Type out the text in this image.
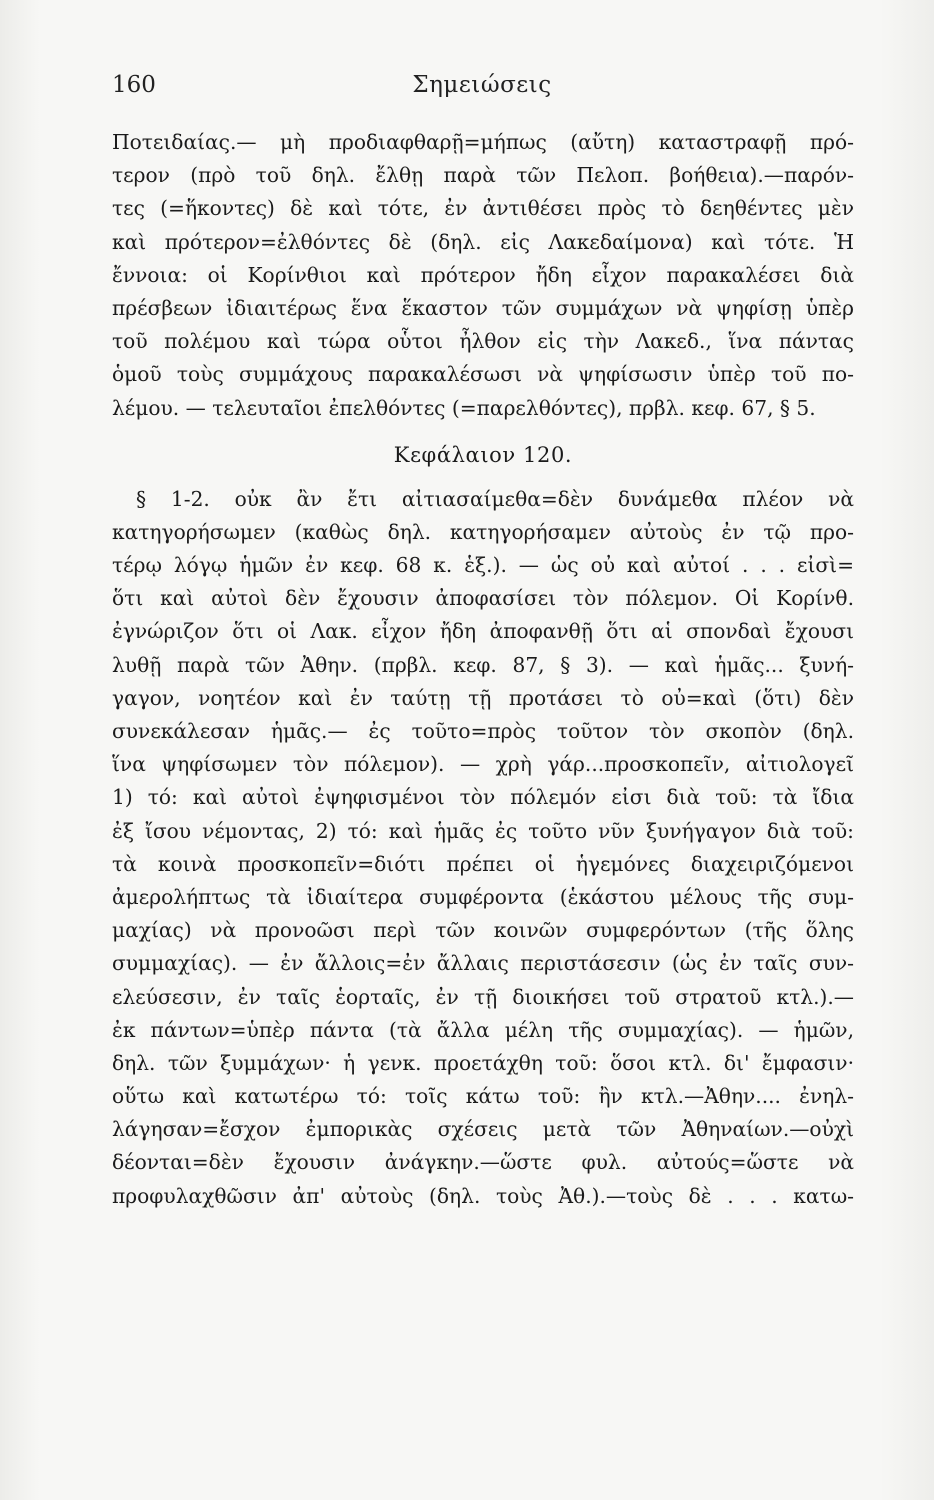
160	Σημειώσεις
Ποτειδαίας.— μὴ προδιαφθαρῇ=μήπως (αὔτη) καταστραφῇ πρό-
τερον (πρὸ τοῦ δηλ. ἔλθῃ παρὰ τῶν Πελοπ. βοήθεια).—παρόν-
τες (=ἥκοντες) δὲ καὶ τότε, ἐν ἀντιθέσει πρὸς τὸ δεηθέντες μὲν
καὶ πρότερον=ἐλθόντες δὲ (δηλ. εἰς Λακεδαίμονα) καὶ τότε. Ἡ
ἔννοια: οἱ Κορίνθιοι καὶ πρότερον ἤδη εἶχον παρακαλέσει διὰ
πρέσβεων ἰδιαιτέρως ἕνα ἕκαστον τῶν συμμάχων νὰ ψηφίσῃ ὑπὲρ
τοῦ πολέμου καὶ τώρα οὗτοι ἦλθον εἰς τὴν Λακεδ., ἵνα πάντας
ὁμοῦ τοὺς συμμάχους παρακαλέσωσι νὰ ψηφίσωσιν ὑπὲρ τοῦ πο-
λέμου. — τελευταῖοι ἐπελθόντες (=παρελθόντες), πρβλ. κεφ. 67, § 5.
Κεφάλαιον 120.
§ 1-2. οὐκ ἂν ἔτι αἰτιασαίμεθα=δὲν δυνάμεθα πλέον νὰ
κατηγορήσωμεν (καθὼς δηλ. κατηγορήσαμεν αὐτοὺς ἐν τῷ προ-
τέρῳ λόγῳ ἡμῶν ἐν κεφ. 68 κ. ἑξ.). — ὡς οὐ καὶ αὐτοί . . . εἰσὶ=
ὅτι καὶ αὐτοὶ δὲν ἔχουσιν ἀποφασίσει τὸν πόλεμον. Οἱ Κορίνθ.
ἐγνώριζον ὅτι οἱ Λακ. εἶχον ἤδη ἀποφανθῇ ὅτι αἱ σπονδαὶ ἔχουσι
λυθῇ παρὰ τῶν Ἀθην. (πρβλ. κεφ. 87, § 3). — καὶ ἡμᾶς... ξυνή-
γαγον, νοητέον καὶ ἐν ταύτῃ τῇ προτάσει τὸ οὐ=καὶ (ὅτι) δὲν
συνεκάλεσαν ἡμᾶς.— ἐς τοῦτο=πρὸς τοῦτον τὸν σκοπὸν (δηλ.
ἵνα ψηφίσωμεν τὸν πόλεμον). — χρὴ γάρ...προσκοπεῖν, αἰτιολογεῖ
1) τό: καὶ αὐτοὶ ἐψηφισμένοι τὸν πόλεμόν εἰσι διὰ τοῦ: τὰ ἴδια
ἐξ ἴσου νέμοντας, 2) τό: καὶ ἡμᾶς ἐς τοῦτο νῦν ξυνήγαγον διὰ τοῦ:
τὰ κοινὰ προσκοπεῖν=διότι πρέπει οἱ ἡγεμόνες διαχειριζόμενοι
ἀμερολήπτως τὰ ἰδιαίτερα συμφέροντα (ἑκάστου μέλους τῆς συμ-
μαχίας) νὰ προνοῶσι περὶ τῶν κοινῶν συμφερόντων (τῆς ὅλης
συμμαχίας). — ἐν ἄλλοις=ἐν ἄλλαις περιστάσεσιν (ὡς ἐν ταῖς συν-
ελεύσεσιν, ἐν ταῖς ἑορταῖς, ἐν τῇ διοικήσει τοῦ στρατοῦ κτλ.).—
ἐκ πάντων=ὑπὲρ πάντα (τὰ ἄλλα μέλη τῆς συμμαχίας). — ἡμῶν,
δηλ. τῶν ξυμμάχων· ἡ γενκ. προετάχθη τοῦ: ὅσοι κτλ. δι' ἔμφασιν·
οὕτω καὶ κατωτέρω τό: τοῖς κάτω τοῦ: ἢν κτλ.—Ἀθην.... ἐνηλ-
λάγησαν=ἔσχον ἐμπορικὰς σχέσεις μετὰ τῶν Ἀθηναίων.—οὐχὶ
δέονται=δὲν ἔχουσιν ἀνάγκην.—ὥστε φυλ. αὐτούς=ὥστε νὰ
προφυλαχθῶσιν ἀπ' αὐτοὺς (δηλ. τοὺς Ἀθ.).—τοὺς δὲ . . . κατω-
